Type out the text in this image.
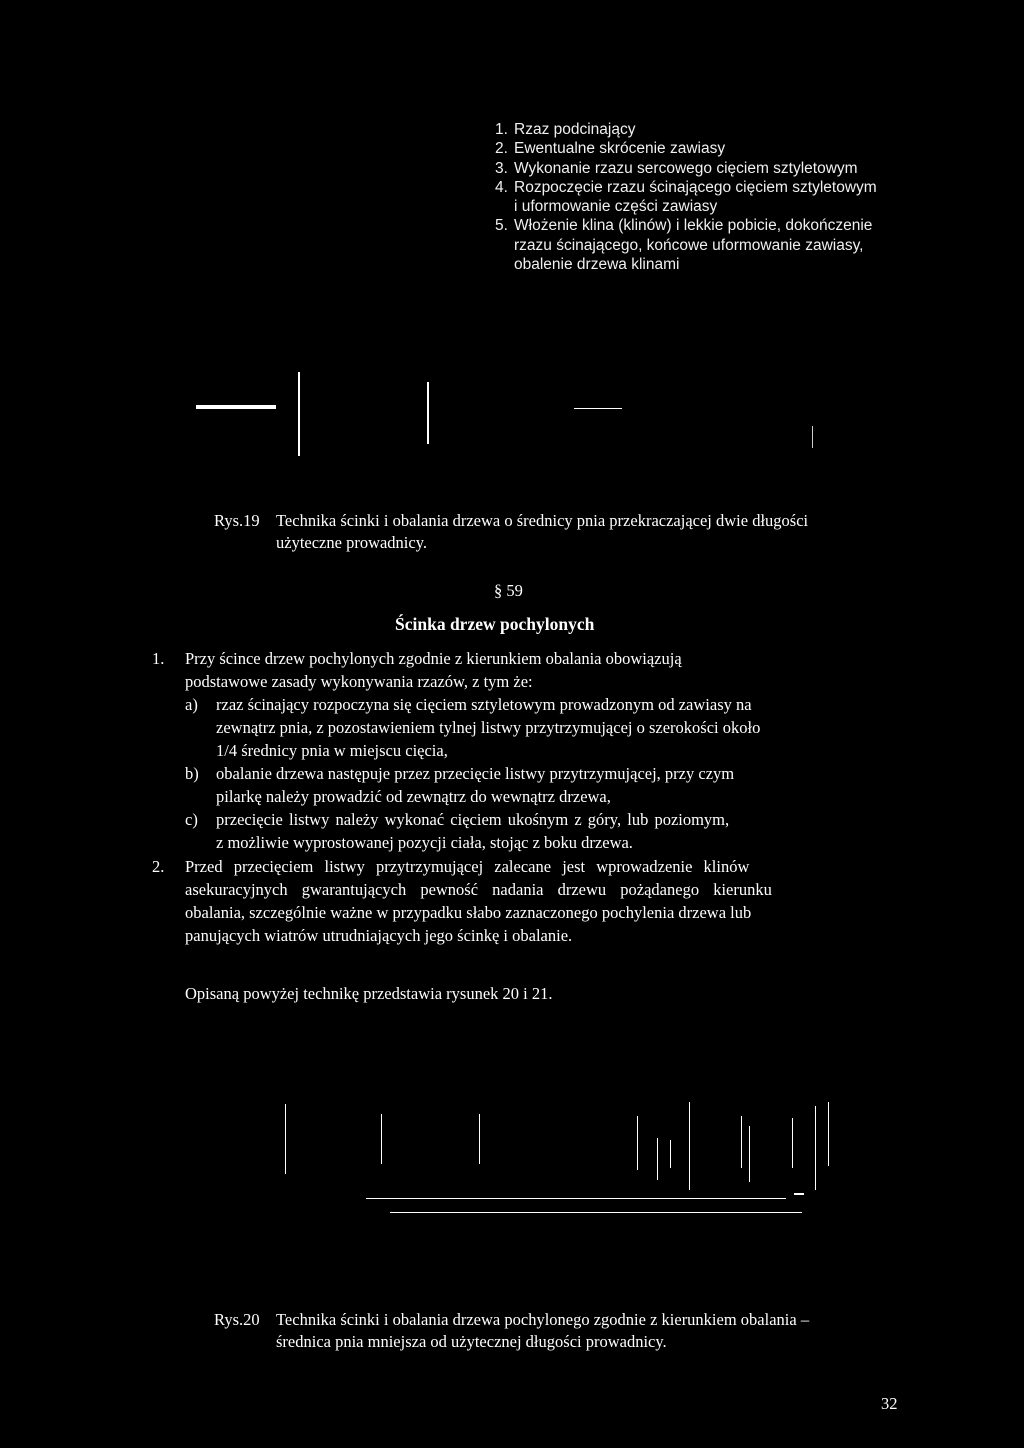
1. Rzaz podcinający
2. Ewentualne skrócenie zawiasy
3. Wykonanie rzazu sercowego cięciem sztyletowym
4. Rozpoczęcie rzazu ścinającego cięciem sztyletowym
i uformowanie części zawiasy
5. Włożenie klina (klinów) i lekkie pobicie, dokończenie
rzazu ścinającego, końcowe uformowanie zawiasy,
obalenie drzewa klinami
Rys.19 Technika ścinki i obalania drzewa o średnicy pnia przekraczającej dwie długości
użyteczne prowadnicy.
§ 59
Ścinka drzew pochylonych
1. Przy ścince drzew pochylonych zgodnie z kierunkiem obalania obowiązują
podstawowe zasady wykonywania rzazów, z tym że:
a) rzaz ścinający rozpoczyna się cięciem sztyletowym prowadzonym od zawiasy na
zewnątrz pnia, z pozostawieniem tylnej listwy przytrzymującej o szerokości około
1/4 średnicy pnia w miejscu cięcia,
b) obalanie drzewa następuje przez przecięcie listwy przytrzymującej, przy czym
pilarkę należy prowadzić od zewnątrz do wewnątrz drzewa,
c) przecięcie listwy należy wykonać cięciem ukośnym z góry, lub poziomym,
z możliwie wyprostowanej pozycji ciała, stojąc z boku drzewa.
2. Przed przecięciem listwy przytrzymującej zalecane jest wprowadzenie klinów
asekuracyjnych gwarantujących pewność nadania drzewu pożądanego kierunku
obalania, szczególnie ważne w przypadku słabo zaznaczonego pochylenia drzewa lub
panujących wiatrów utrudniających jego ścinkę i obalanie.
Opisaną powyżej technikę przedstawia rysunek 20 i 21.
Rys.20 Technika ścinki i obalania drzewa pochylonego zgodnie z kierunkiem obalania –
średnica pnia mniejsza od użytecznej długości prowadnicy.
32
